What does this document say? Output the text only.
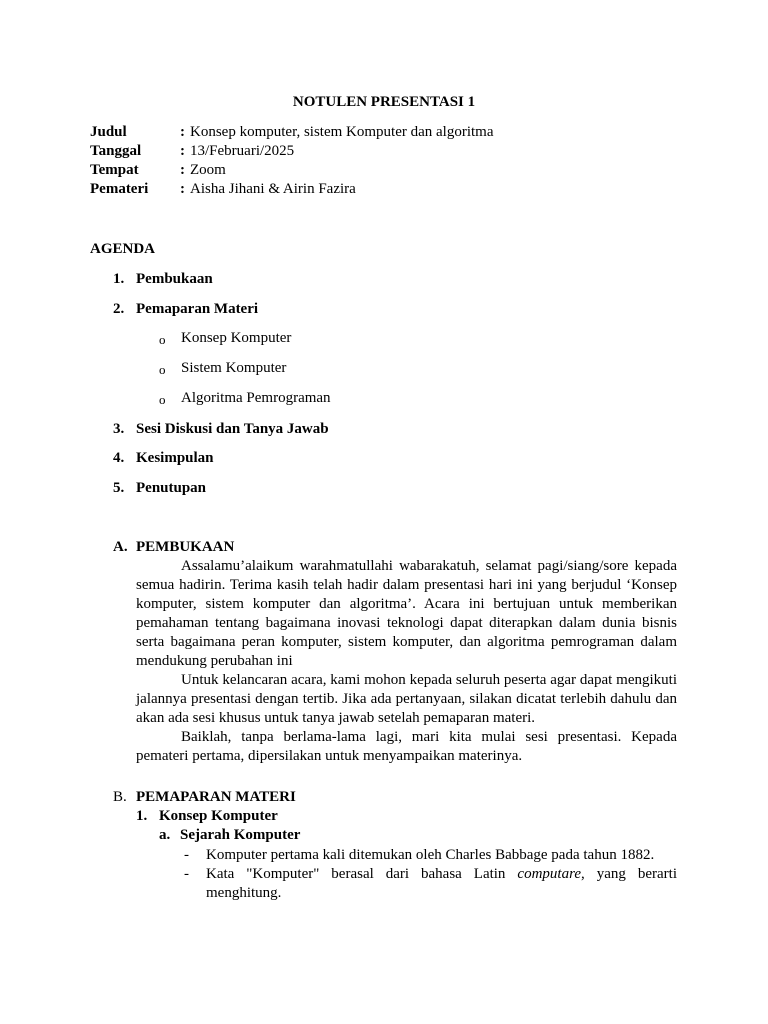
NOTULEN PRESENTASI 1
Judul	: Konsep komputer, sistem Komputer dan algoritma
Tanggal	: 13/Februari/2025
Tempat	: Zoom
Pemateri : Aisha Jihani & Airin Fazira
AGENDA
1. Pembukaan
2. Pemaparan Materi
o Konsep Komputer
o Sistem Komputer
o Algoritma Pemrograman
3. Sesi Diskusi dan Tanya Jawab
4. Kesimpulan
5. Penutupan
A. PEMBUKAAN

Assalamu’alaikum warahmatullahi wabarakatuh, selamat pagi/siang/sore kepada semua hadirin. Terima kasih telah hadir dalam presentasi hari ini yang berjudul ‘Konsep komputer, sistem komputer dan algoritma’. Acara ini bertujuan untuk memberikan pemahaman tentang bagaimana inovasi teknologi dapat diterapkan dalam dunia bisnis serta bagaimana peran komputer, sistem komputer, dan algoritma pemrograman dalam mendukung perubahan ini

Untuk kelancaran acara, kami mohon kepada seluruh peserta agar dapat mengikuti jalannya presentasi dengan tertib. Jika ada pertanyaan, silakan dicatat terlebih dahulu dan akan ada sesi khusus untuk tanya jawab setelah pemaparan materi.

Baiklah, tanpa berlama-lama lagi, mari kita mulai sesi presentasi. Kepada pemateri pertama, dipersilakan untuk menyampaikan materinya.

B. PEMAPARAN MATERI
1. Konsep Komputer
a. Sejarah Komputer
- Komputer pertama kali ditemukan oleh Charles Babbage pada tahun 1882.
- Kata "Komputer" berasal dari bahasa Latin computare, yang berarti menghitung.
